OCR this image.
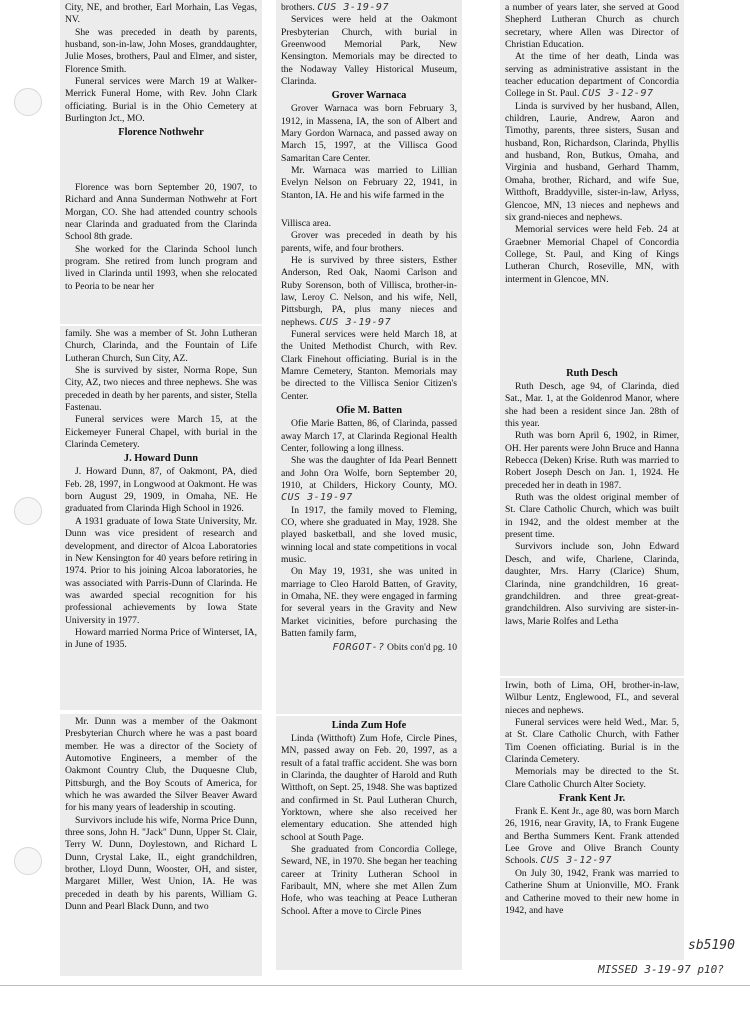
City, NE, and brother, Earl Morhain, Las Vegas, NV.

She was preceded in death by parents, husband, son-in-law, John Moses, granddaughter, Julie Moses, brothers, Paul and Elmer, and sister, Florence Smith.

Funeral services were March 19 at Walker-Merrick Funeral Home, with Rev. John Clark officiating. Burial is in the Ohio Cemetery at Burlington Jct., MO.

Florence Nothwehr

Florence was born September 20, 1907, to Richard and Anna Sunderman Nothwehr at Fort Morgan, CO. She had attended country schools near Clarinda and graduated from the Clarinda School 8th grade.

She worked for the Clarinda School lunch program. She retired from lunch program and lived in Clarinda until 1993, when she relocated to Peoria to be near her

family. She was a member of St. John Lutheran Church, Clarinda, and the Fountain of Life Lutheran Church, Sun City, AZ.

She is survived by sister, Norma Rope, Sun City, AZ, two nieces and three nephews. She was preceded in death by her parents, and sister, Stella Fastenau.

Funeral services were March 15, at the Eickemeyer Funeral Chapel, with burial in the Clarinda Cemetery.

J. Howard Dunn

J. Howard Dunn, 87, of Oakmont, PA, died Feb. 28, 1997, in Longwood at Oakmont. He was born August 29, 1909, in Omaha, NE. He graduated from Clarinda High School in 1926.

A 1931 graduate of Iowa State University, Mr. Dunn was vice president of research and development, and director of Alcoa Laboratories in New Kensington for 40 years before retiring in 1974. Prior to his joining Alcoa laboratories, he was associated with Parris-Dunn of Clarinda. He was awarded special recognition for his professional achievements by Iowa State University in 1977.

Howard married Norma Price of Winterset, IA, in June of 1935.

Mr. Dunn was a member of the Oakmont Presbyterian Church where he was a past board member. He was a director of the Society of Automotive Engineers, a member of the Oakmont Country Club, the Duquesne Club, Pittsburgh, and the Boy Scouts of America, for which he was awarded the Silver Beaver Award for his many years of leadership in scouting.

Survivors include his wife, Norma Price Dunn, three sons, John H. "Jack" Dunn, Upper St. Clair, Terry W. Dunn, Doylestown, and Richard L Dunn, Crystal Lake, IL, eight grandchildren, brother, Lloyd Dunn, Wooster, OH, and sister, Margaret Miller, West Union, IA. He was preceded in death by his parents, William G. Dunn and Pearl Black Dunn, and two

brothers. CUS 3-19-97

Services were held at the Oakmont Presbyterian Church, with burial in Greenwood Memorial Park, New Kensington. Memorials may be directed to the Nodaway Valley Historical Museum, Clarinda.

Grover Warnaca

Grover Warnaca was born February 3, 1912, in Massena, IA, the son of Albert and Mary Gordon Warnaca, and passed away on March 15, 1997, at the Villisca Good Samaritan Care Center.

Mr. Warnaca was married to Lillian Evelyn Nelson on February 22, 1941, in Stanton, IA. He and his wife farmed in the

Villisca area.

Grover was preceded in death by his parents, wife, and four brothers.

He is survived by three sisters, Esther Anderson, Red Oak, Naomi Carlson and Ruby Sorenson, both of Villisca, brother-in-law, Leroy C. Nelson, and his wife, Nell, Pittsburgh, PA, plus many nieces and nephews. CUS 3-19-97

Funeral services were held March 18, at the United Methodist Church, with Rev. Clark Finehout officiating. Burial is in the Mamre Cemetery, Stanton. Memorials may be directed to the Villisca Senior Citizen's Center.

Ofie M. Batten

Ofie Marie Batten, 86, of Clarinda, passed away March 17, at Clarinda Regional Health Center, following a long illness.

She was the daughter of Ida Pearl Bennett and John Ora Wolfe, born September 20, 1910, at Childers, Hickory County, MO. CUS 3-19-97

In 1917, the family moved to Fleming, CO, where she graduated in May, 1928. She played basketball, and she loved music, winning local and state competitions in vocal music.

On May 19, 1931, she was united in marriage to Cleo Harold Batten, of Gravity, in Omaha, NE. they were engaged in farming for several years in the Gravity and New Market vicinities, before purchasing the Batten family farm,

FORGOT-? Obits con'd pg. 10
Linda Zum Hofe

Linda (Witthoft) Zum Hofe, Circle Pines, MN, passed away on Feb. 20, 1997, as a result of a fatal traffic accident. She was born in Clarinda, the daughter of Harold and Ruth Witthoft, on Sept. 25, 1948. She was baptized and confirmed in St. Paul Lutheran Church, Yorktown, where she also received her elementary education. She attended high school at South Page.

She graduated from Concordia College, Seward, NE, in 1970. She began her teaching career at Trinity Lutheran School in Faribault, MN, where she met Allen Zum Hofe, who was teaching at Peace Lutheran School. After a move to Circle Pines

a number of years later, she served at Good Shepherd Lutheran Church as church secretary, where Allen was Director of Christian Education.

At the time of her death, Linda was serving as administrative assistant in the teacher education department of Concordia College in St. Paul. CUS 3-12-97

Linda is survived by her husband, Allen, children, Laurie, Andrew, Aaron and Timothy, parents, three sisters, Susan and husband, Ron, Richardson, Clarinda, Phyllis and husband, Ron, Butkus, Omaha, and Virginia and husband, Gerhard Thamm, Omaha, brother, Richard, and wife Sue, Witthoft, Braddyville, sister-in-law, Arlyss, Glencoe, MN, 13 nieces and nephews and six grand-nieces and nephews.

Memorial services were held Feb. 24 at Graebner Memorial Chapel of Concordia College, St. Paul, and King of Kings Lutheran Church, Roseville, MN, with interment in Glencoe, MN.

Ruth Desch

Ruth Desch, age 94, of Clarinda, died Sat., Mar. 1, at the Goldenrod Manor, where she had been a resident since Jan. 28th of this year.

Ruth was born April 6, 1902, in Rimer, OH. Her parents were John Bruce and Hanna Rebecca (Deken) Krise. Ruth was married to Robert Joseph Desch on Jan. 1, 1924. He preceded her in death in 1987.

Ruth was the oldest original member of St. Clare Catholic Church, which was built in 1942, and the oldest member at the present time.

Survivors include son, John Edward Desch, and wife, Charlene, Clarinda, daughter, Mrs. Harry (Clarice) Shum, Clarinda, nine grandchildren, 16 great-grandchildren. and three great-great-grandchildren. Also surviving are sister-in-laws, Marie Rolfes and Letha

Irwin, both of Lima, OH, brother-in-law, Wilbur Lentz, Englewood, FL, and several nieces and nephews.

Funeral services were held Wed., Mar. 5, at St. Clare Catholic Church, with Father Tim Coenen officiating. Burial is in the Clarinda Cemetery.

Memorials may be directed to the St. Clare Catholic Church Alter Society.

Frank Kent Jr.

Frank E. Kent Jr., age 80, was born March 26, 1916, near Gravity, IA, to Frank Eugene and Bertha Summers Kent. Frank attended Lee Grove and Olive Branch County Schools. CUS 3-12-97

On July 30, 1942, Frank was married to Catherine Shum at Unionville, MO. Frank and Catherine moved to their new home in 1942, and have

sb5190
MISSED 3-19-97 p10?
